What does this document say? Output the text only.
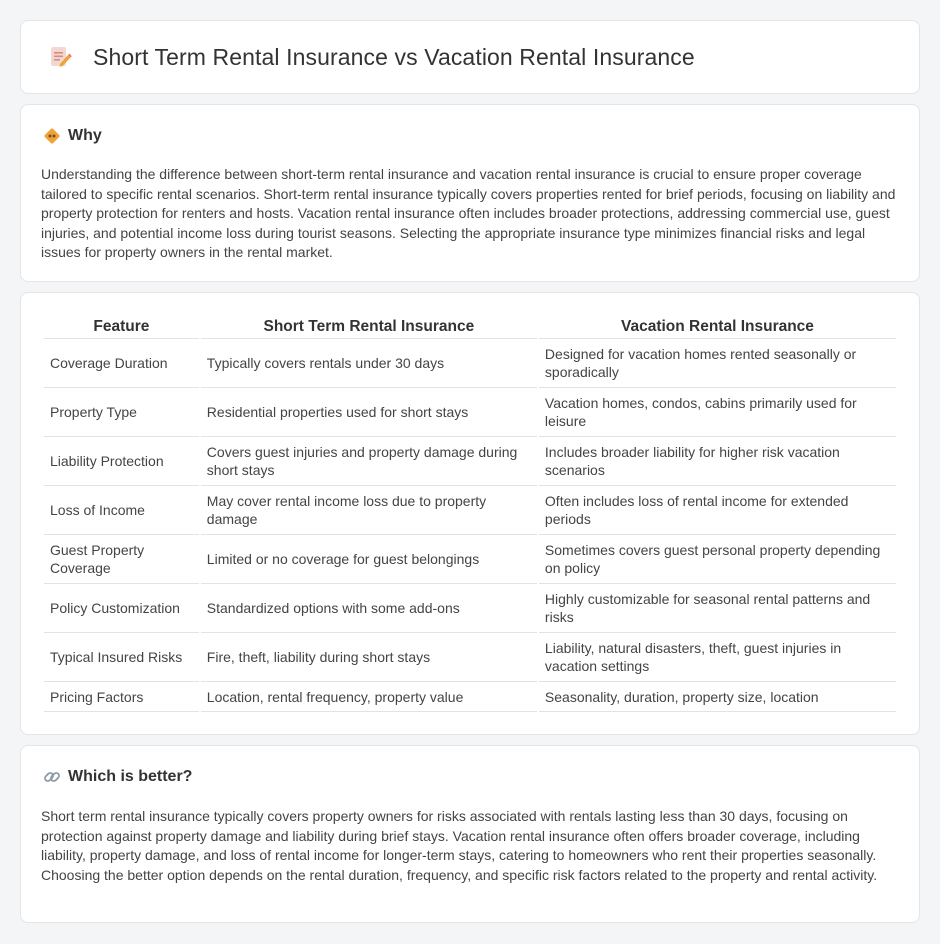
Short Term Rental Insurance vs Vacation Rental Insurance
Why

Understanding the difference between short-term rental insurance and vacation rental insurance is crucial to ensure proper coverage tailored to specific rental scenarios. Short-term rental insurance typically covers properties rented for brief periods, focusing on liability and property protection for renters and hosts. Vacation rental insurance often includes broader protections, addressing commercial use, guest injuries, and potential income loss during tourist seasons. Selecting the appropriate insurance type minimizes financial risks and legal issues for property owners in the rental market.

Feature	Short Term Rental Insurance	Vacation Rental Insurance
Coverage Duration	Typically covers rentals under 30 days	Designed for vacation homes rented seasonally or sporadically
Property Type	Residential properties used for short stays	Vacation homes, condos, cabins primarily used for leisure
Liability Protection	Covers guest injuries and property damage during short stays	Includes broader liability for higher risk vacation scenarios
Loss of Income	May cover rental income loss due to property damage	Often includes loss of rental income for extended periods
Guest Property Coverage	Limited or no coverage for guest belongings	Sometimes covers guest personal property depending on policy
Policy Customization	Standardized options with some add-ons	Highly customizable for seasonal rental patterns and risks
Typical Insured Risks	Fire, theft, liability during short stays	Liability, natural disasters, theft, guest injuries in vacation settings
Pricing Factors	Location, rental frequency, property value	Seasonality, duration, property size, location
Which is better?

Short term rental insurance typically covers property owners for risks associated with rentals lasting less than 30 days, focusing on protection against property damage and liability during brief stays. Vacation rental insurance often offers broader coverage, including liability, property damage, and loss of rental income for longer-term stays, catering to homeowners who rent their properties seasonally. Choosing the better option depends on the rental duration, frequency, and specific risk factors related to the property and rental activity.
